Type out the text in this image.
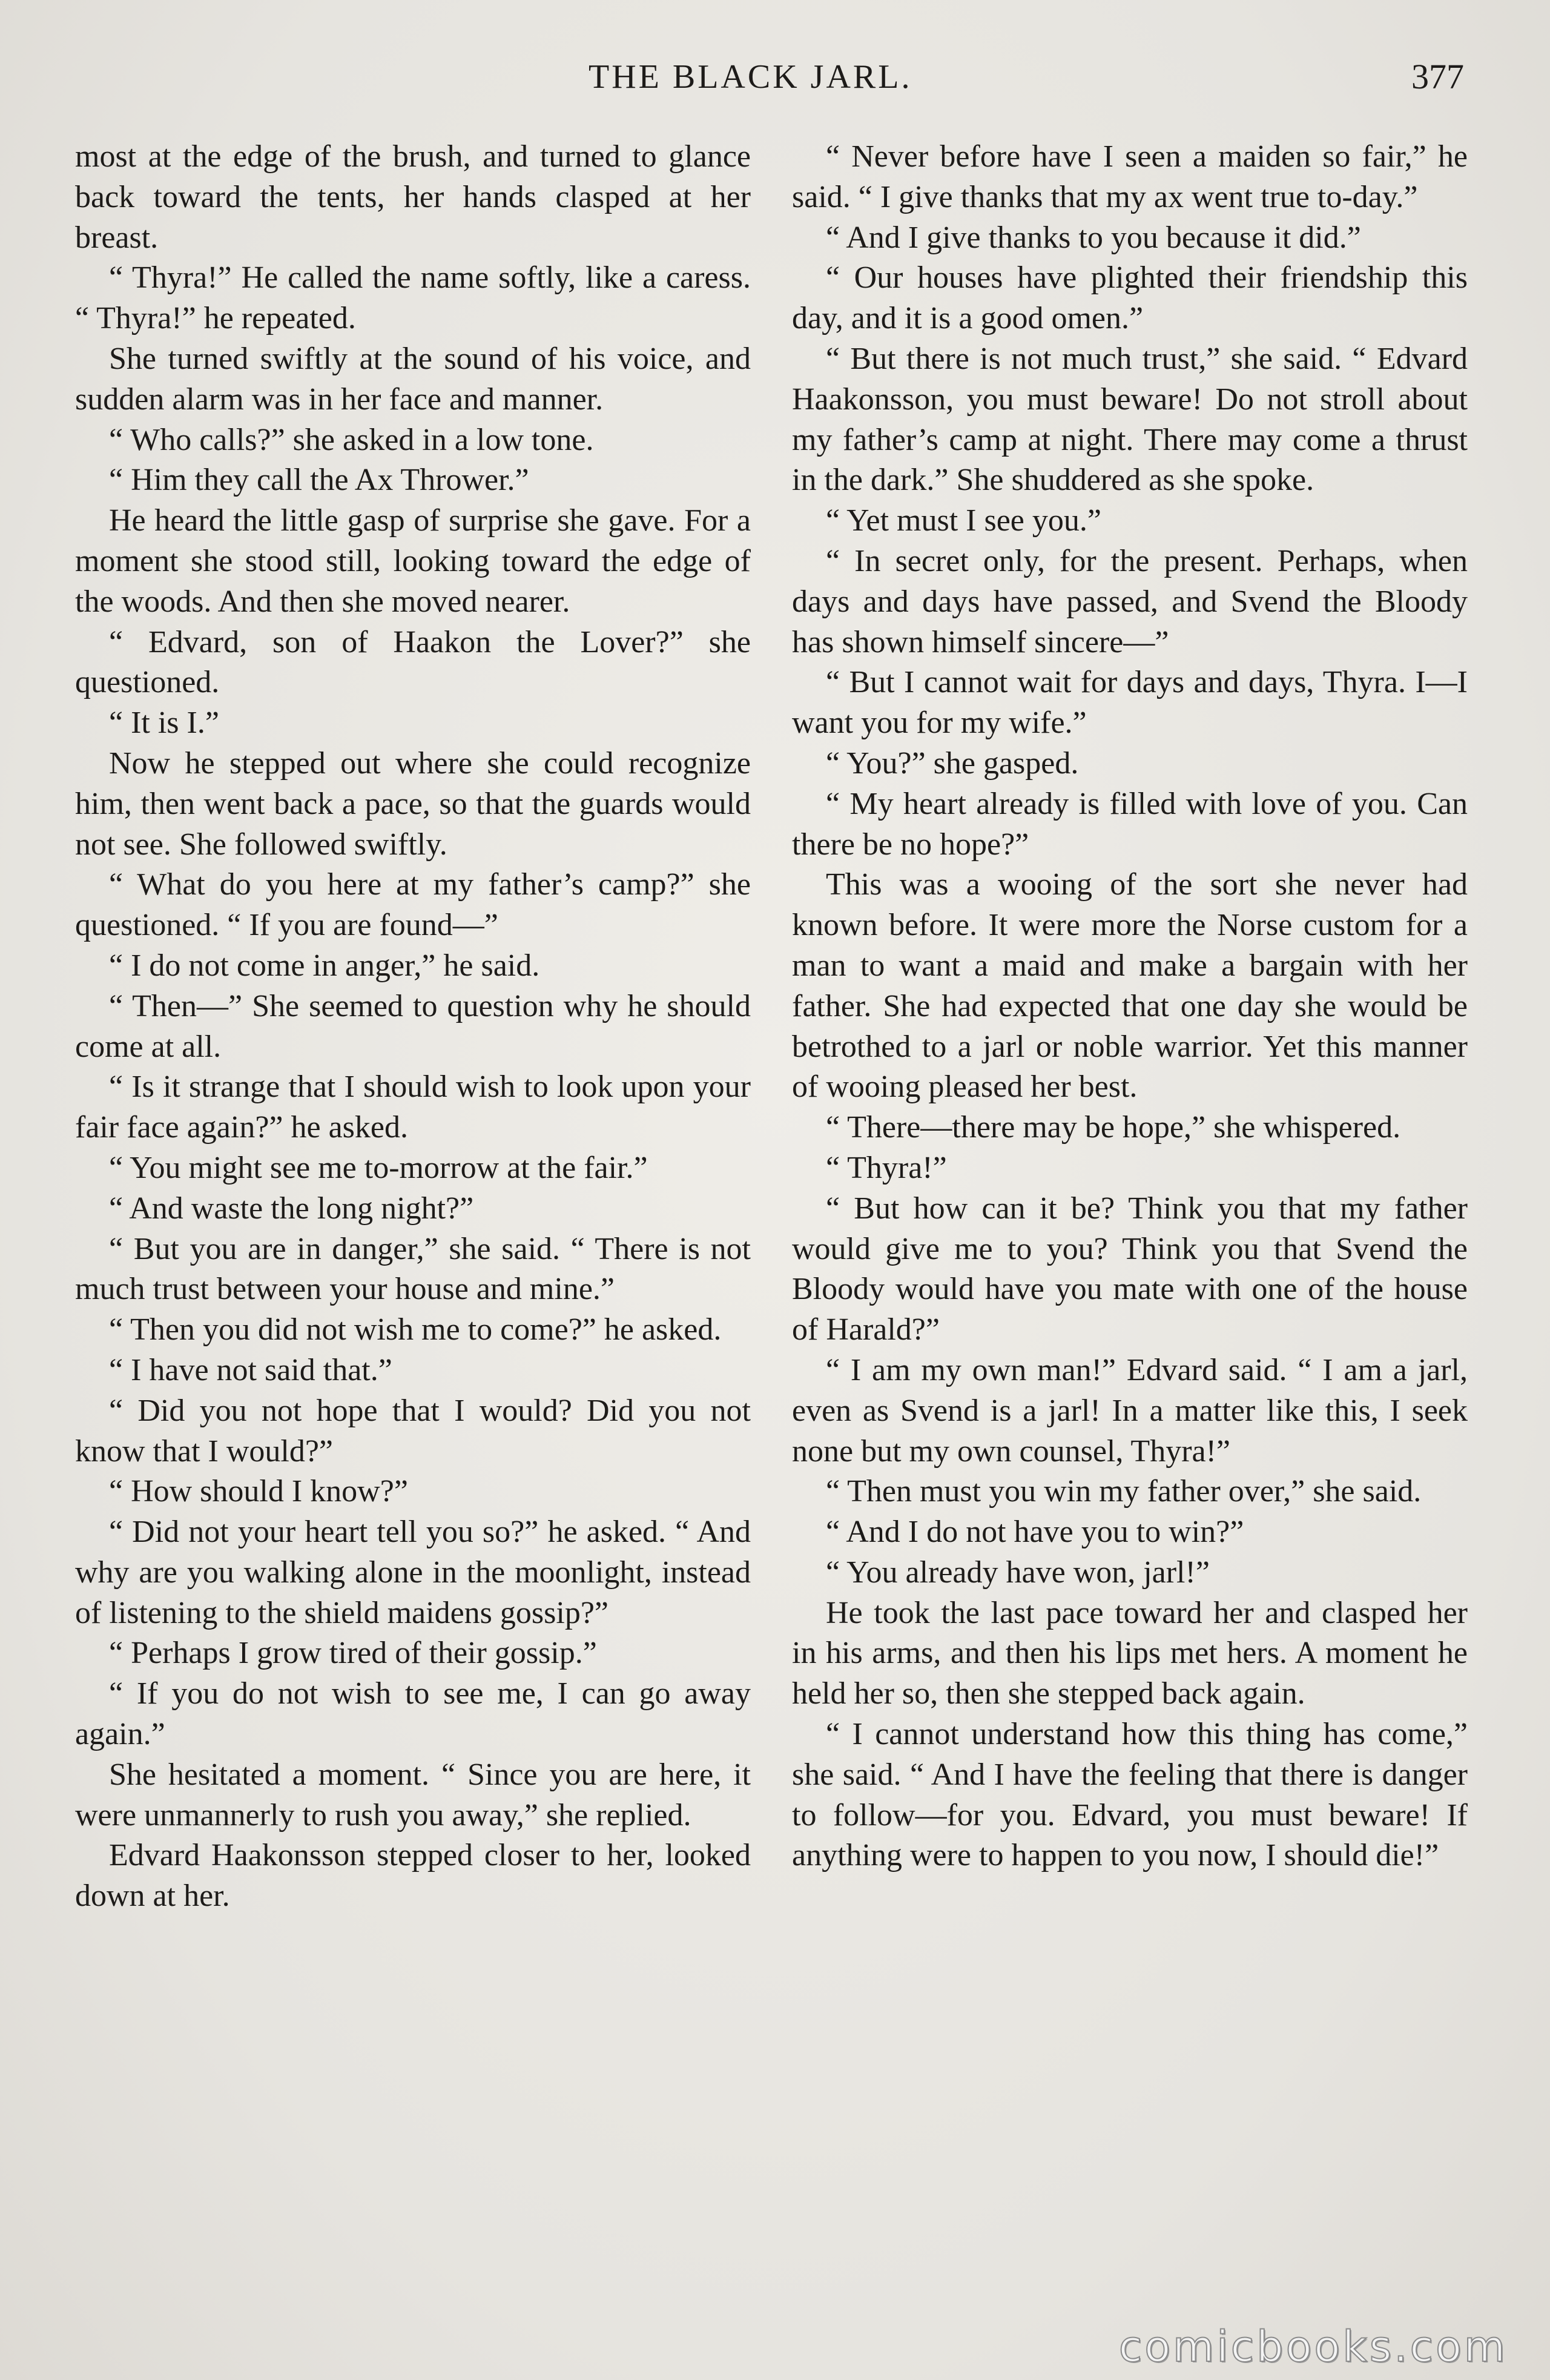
THE BLACK JARL.	377

most at the edge of the brush, and turned to glance back toward the tents, her hands clasped at her breast.

“ Thyra!” He called the name softly, like a caress. “ Thyra!” he repeated.

She turned swiftly at the sound of his voice, and sudden alarm was in her face and manner.

“ Who calls?” she asked in a low tone.

“ Him they call the Ax Thrower.”

He heard the little gasp of surprise she gave. For a moment she stood still, looking toward the edge of the woods. And then she moved nearer.

“ Edvard, son of Haakon the Lover?” she questioned.

“ It is I.”

Now he stepped out where she could recognize him, then went back a pace, so that the guards would not see. She followed swiftly.

“ What do you here at my father’s camp?” she questioned. “ If you are found—”

“ I do not come in anger,” he said.

“ Then—” She seemed to question why he should come at all.

“ Is it strange that I should wish to look upon your fair face again?” he asked.

“ You might see me to-morrow at the fair.”

“ And waste the long night?”

“ But you are in danger,” she said. “ There is not much trust between your house and mine.”

“ Then you did not wish me to come?” he asked.

“ I have not said that.”

“ Did you not hope that I would? Did you not know that I would?”

“ How should I know?”

“ Did not your heart tell you so?” he asked. “ And why are you walking alone in the moonlight, instead of listening to the shield maidens gossip?”

“ Perhaps I grow tired of their gossip.”

“ If you do not wish to see me, I can go away again.”

She hesitated a moment. “ Since you are here, it were unmannerly to rush you away,” she replied.

Edvard Haakonsson stepped closer to her, looked down at her.

“ Never before have I seen a maiden so fair,” he said. “ I give thanks that my ax went true to-day.”

“ And I give thanks to you because it did.”

“ Our houses have plighted their friendship this day, and it is a good omen.”

“ But there is not much trust,” she said. “ Edvard Haakonsson, you must beware! Do not stroll about my father’s camp at night. There may come a thrust in the dark.” She shuddered as she spoke.

“ Yet must I see you.”

“ In secret only, for the present. Perhaps, when days and days have passed, and Svend the Bloody has shown himself sincere—”

“ But I cannot wait for days and days, Thyra. I—I want you for my wife.”

“ You?” she gasped.

“ My heart already is filled with love of you. Can there be no hope?”

This was a wooing of the sort she never had known before. It were more the Norse custom for a man to want a maid and make a bargain with her father. She had expected that one day she would be betrothed to a jarl or noble warrior. Yet this manner of wooing pleased her best.

“ There—there may be hope,” she whispered.

“ Thyra!”

“ But how can it be? Think you that my father would give me to you? Think you that Svend the Bloody would have you mate with one of the house of Harald?”

“ I am my own man!” Edvard said. “ I am a jarl, even as Svend is a jarl! In a matter like this, I seek none but my own counsel, Thyra!”

“ Then must you win my father over,” she said.

“ And I do not have you to win?”

“ You already have won, jarl!”

He took the last pace toward her and clasped her in his arms, and then his lips met hers. A moment he held her so, then she stepped back again.

“ I cannot understand how this thing has come,” she said. “ And I have the feeling that there is danger to follow—for you. Edvard, you must beware! If anything were to happen to you now, I should die!”

comicbooks.com
